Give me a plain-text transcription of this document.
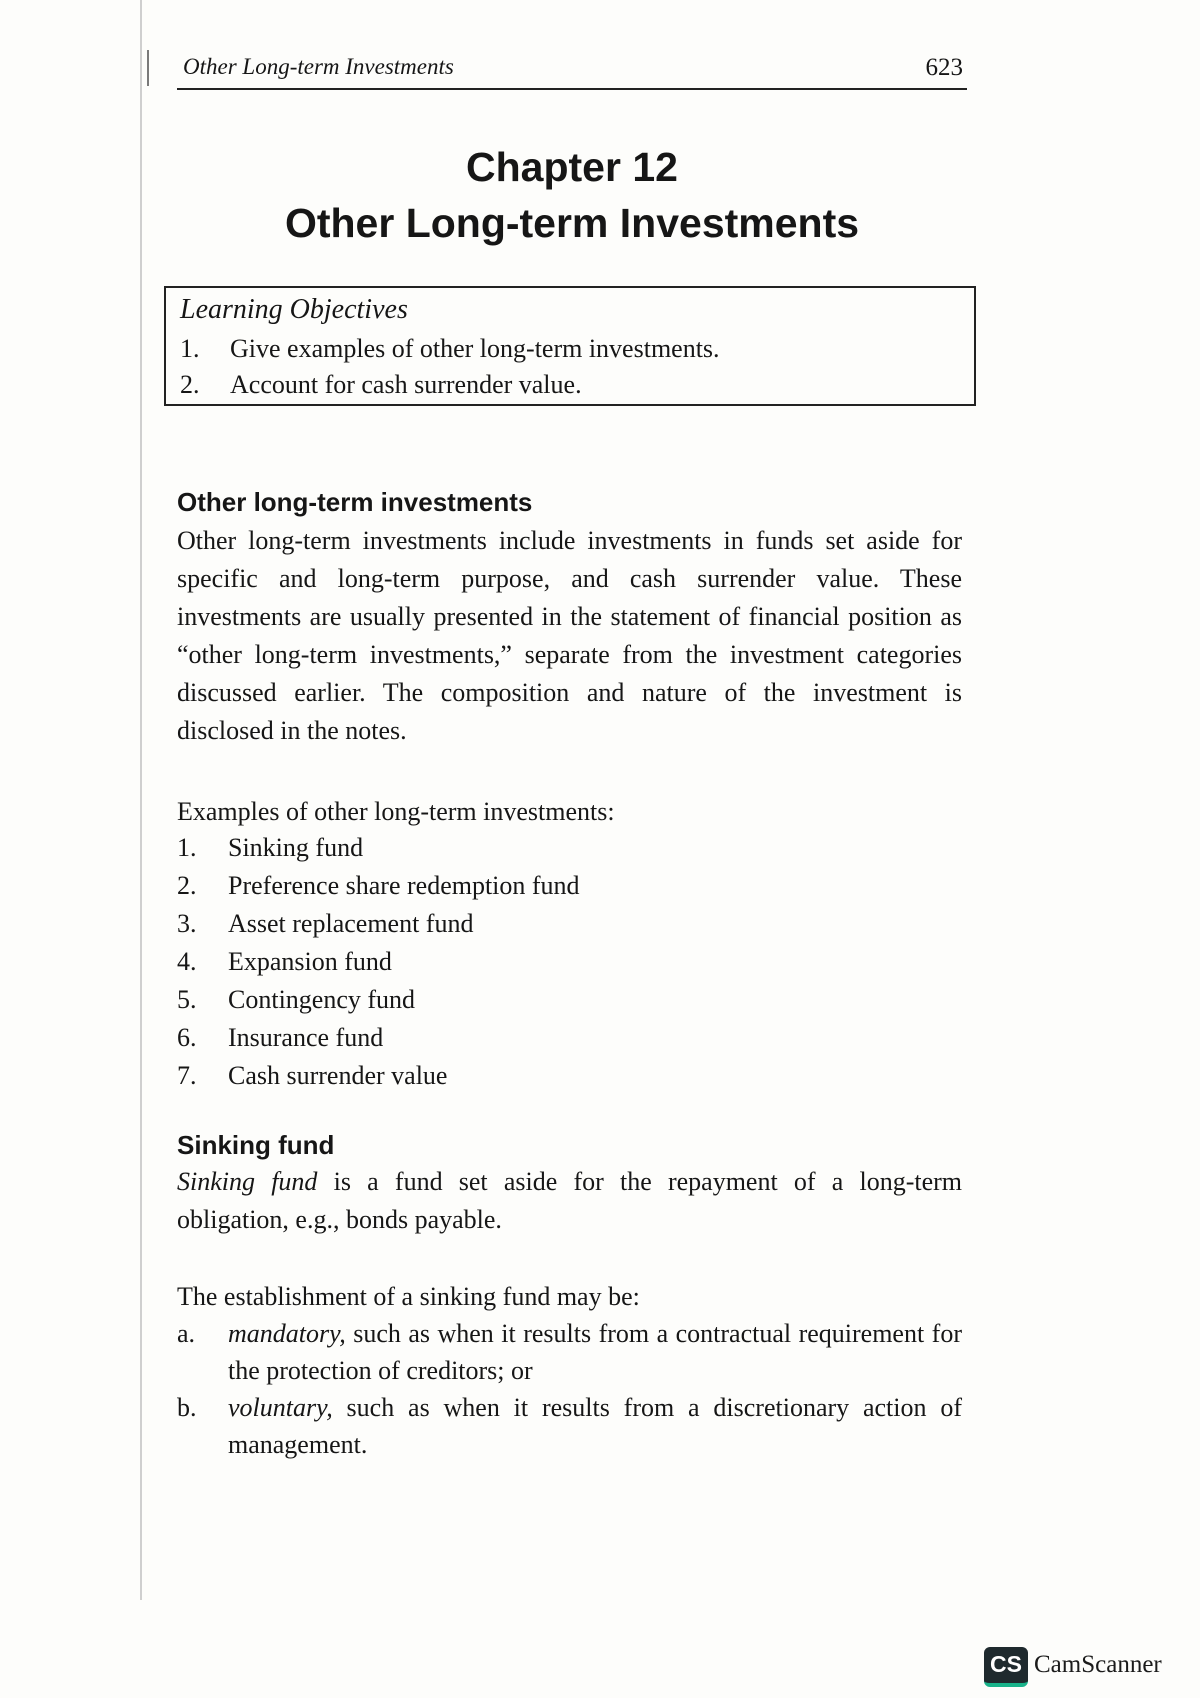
Other Long-term Investments	623
Chapter 12
Other Long-term Investments
Learning Objectives
1. Give examples of other long-term investments.
2. Account for cash surrender value.
Other long-term investments

Other long-term investments include investments in funds set aside for specific and long-term purpose, and cash surrender value. These investments are usually presented in the statement of financial position as “other long-term investments,” separate from the investment categories discussed earlier. The composition and nature of the investment is disclosed in the notes.

Examples of other long-term investments:
1. Sinking fund
2. Preference share redemption fund
3. Asset replacement fund
4. Expansion fund
5. Contingency fund
6. Insurance fund
7. Cash surrender value
Sinking fund

Sinking fund is a fund set aside for the repayment of a long-term obligation, e.g., bonds payable.

The establishment of a sinking fund may be:
a.	mandatory, such as when it results from a contractual requirement for the protection of creditors; or
b.	voluntary, such as when it results from a discretionary action of management.
CS CamScanner
